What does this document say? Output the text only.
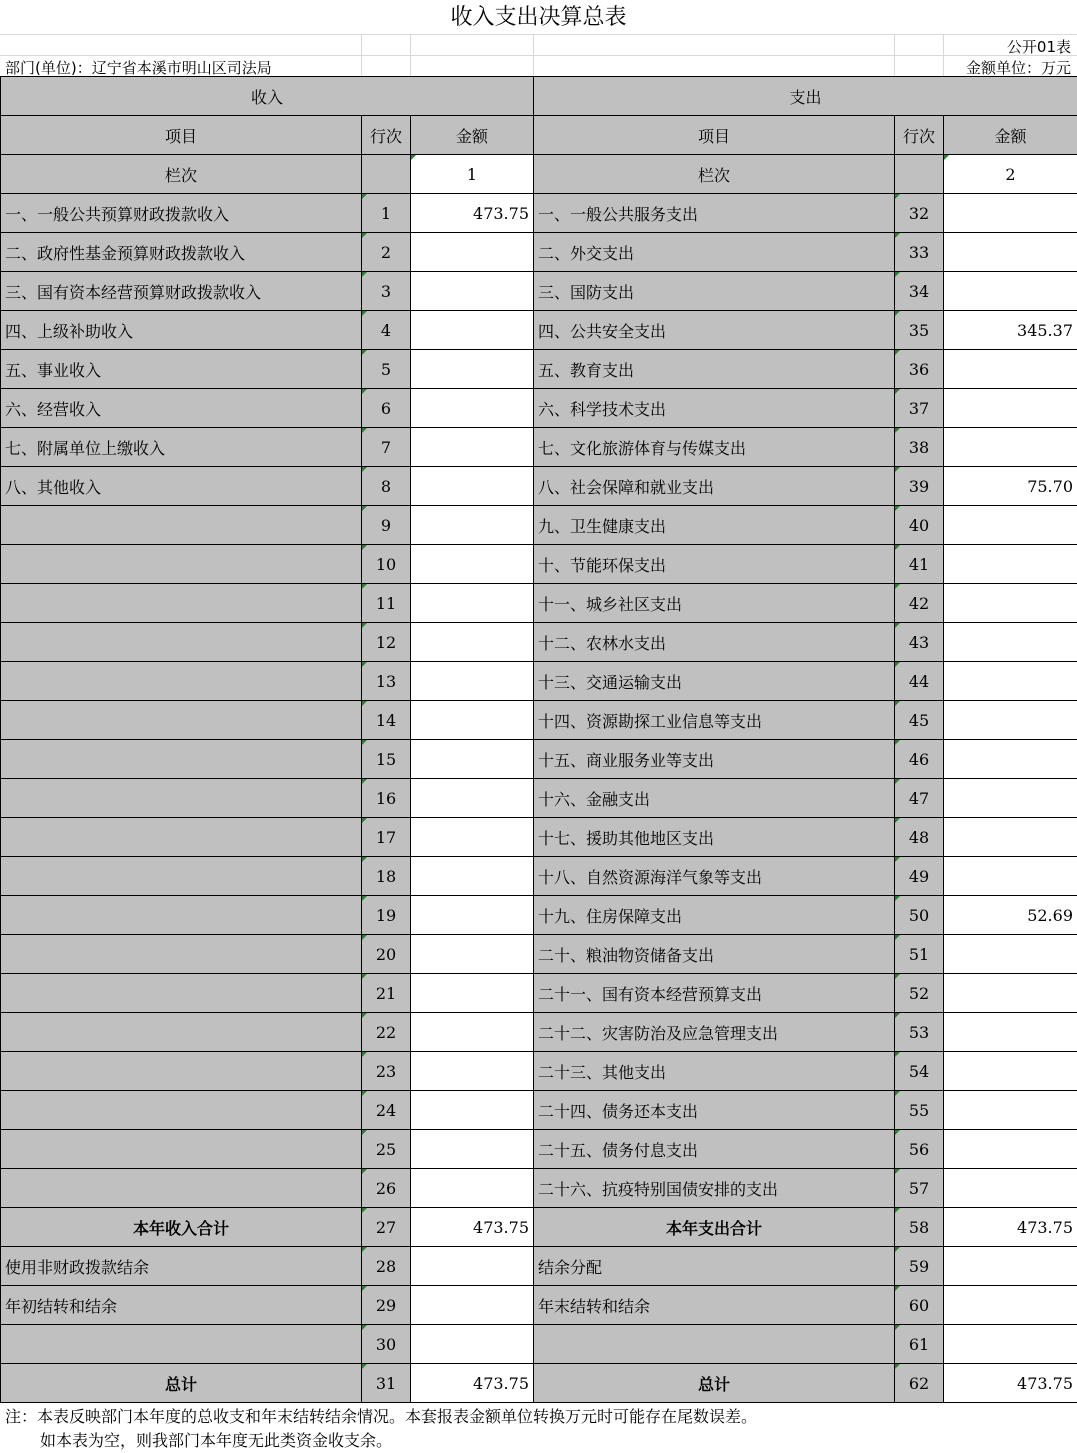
收入支出决算总表
公开01表
部门(单位)：辽宁省本溪市明山区司法局	金额单位：万元
收入			支出		
项目	行次	金额	项目	行次	金额
栏次		1	栏次		2
一、一般公共预算财政拨款收入	1	473.75	一、一般公共服务支出	32	
二、政府性基金预算财政拨款收入	2		二、外交支出	33	
三、国有资本经营预算财政拨款收入	3		三、国防支出	34	
四、上级补助收入	4		四、公共安全支出	35	345.37
五、事业收入	5		五、教育支出	36	
六、经营收入	6		六、科学技术支出	37	
七、附属单位上缴收入	7		七、文化旅游体育与传媒支出	38	
八、其他收入	8		八、社会保障和就业支出	39	75.70
	9		九、卫生健康支出	40	
	10		十、节能环保支出	41	
	11		十一、城乡社区支出	42	
	12		十二、农林水支出	43	
	13		十三、交通运输支出	44	
	14		十四、资源勘探工业信息等支出	45	
	15		十五、商业服务业等支出	46	
	16		十六、金融支出	47	
	17		十七、援助其他地区支出	48	
	18		十八、自然资源海洋气象等支出	49	
	19		十九、住房保障支出	50	52.69
	20		二十、粮油物资储备支出	51	
	21		二十一、国有资本经营预算支出	52	
	22		二十二、灾害防治及应急管理支出	53	
	23		二十三、其他支出	54	
	24		二十四、债务还本支出	55	
	25		二十五、债务付息支出	56	
	26		二十六、抗疫特别国债安排的支出	57	
本年收入合计	27	473.75	本年支出合计	58	473.75
使用非财政拨款结余	28		结余分配	59	
年初结转和结余	29		年末结转和结余	60	
	30			61	
总计	31	473.75	总计	62	473.75
注：本表反映部门本年度的总收支和年末结转结余情况。本套报表金额单位转换万元时可能存在尾数误差。
如本表为空，则我部门本年度无此类资金收支余。
